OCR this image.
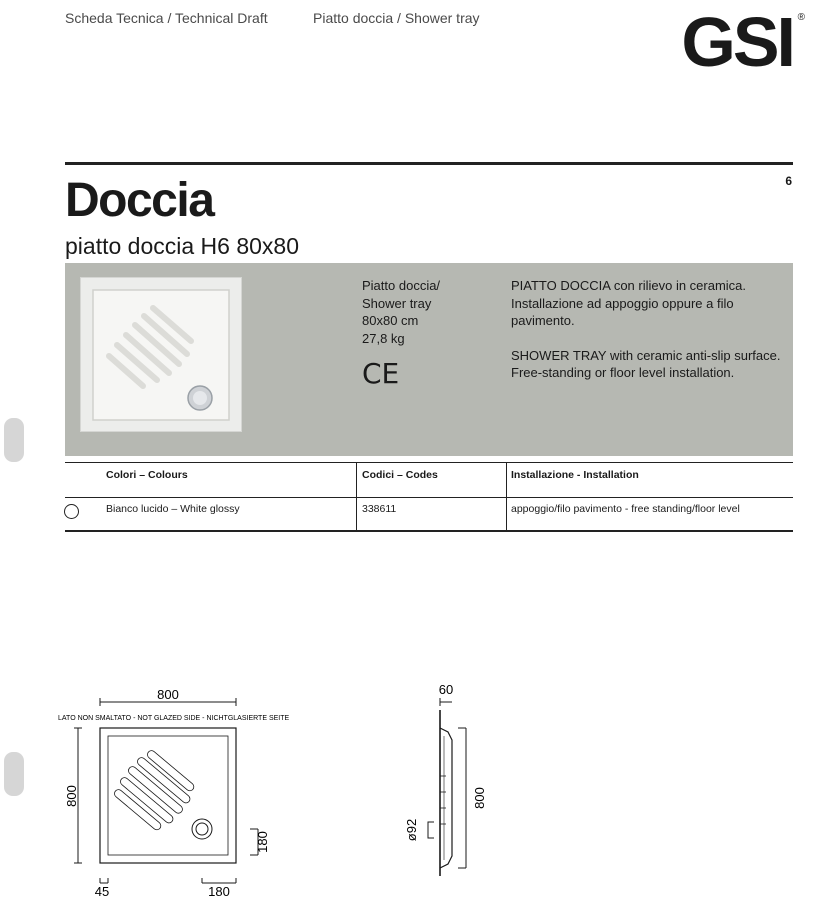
Scheda Tecnica / Technical Draft	Piatto doccia / Shower tray	GSI ®
6
Doccia
piatto doccia H6 80x80
Piatto doccia/
Shower tray
80x80 cm
27,8 kg
CE

PIATTO DOCCIA con rilievo in ceramica. Installazione ad appoggio oppure a filo pavimento.

SHOWER TRAY with ceramic anti-slip surface. Free-standing or floor level installation.

Colori – Colours	Codici – Codes	Installazione - Installation
Bianco lucido – White glossy	338611	appoggio/filo pavimento - free standing/floor level
800
LATO NON SMALTATO - NOT GLAZED SIDE - NICHTGLASIERTE SEITE
800
180
45	180
60
ø92
800
